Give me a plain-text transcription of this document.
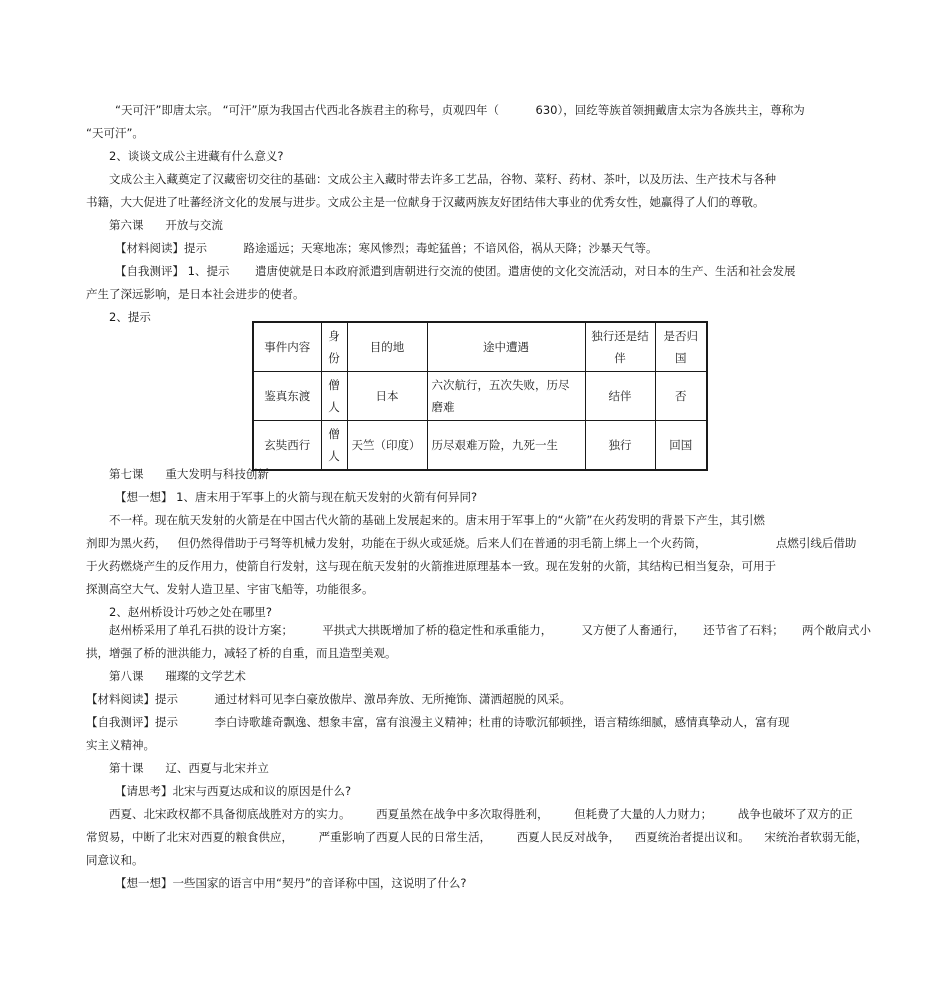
“天可汗”即唐太宗。 “可汗”原为我国古代西北各族君主的称号，贞观四年（          630），回纥等族首领拥戴唐太宗为各族共主，尊称为
“天可汗”。
2、谈谈文成公主进藏有什么意义?
文成公主入藏奠定了汉藏密切交往的基础：文成公主入藏时带去许多工艺品，谷物、菜籽、药材、茶叶，以及历法、生产技术与各种
书籍，大大促进了吐蕃经济文化的发展与进步。文成公主是一位献身于汉藏两族友好团结伟大事业的优秀女性，她赢得了人们的尊敬。
第六课      开放与交流
【材料阅读】提示          路途遥远；天寒地冻；寒风惨烈；毒蛇猛兽；不谙风俗，祸从天降；沙暴天气等。
【自我测评】 1、提示       遣唐使就是日本政府派遣到唐朝进行交流的使团。遣唐使的文化交流活动，对日本的生产、生活和社会发展
产生了深远影响，是日本社会进步的使者。
2、提示
第七课      重大发明与科技创新
【想一想】 1、唐末用于军事上的火箭与现在航天发射的火箭有何异同?
不一样。现在航天发射的火箭是在中国古代火箭的基础上发展起来的。唐末用于军事上的“火箭”在火药发明的背景下产生，其引燃
剂即为黑火药，   但仍然得借助于弓弩等机械力发射，功能在于纵火或延烧。后来人们在普通的羽毛箭上绑上一个火药筒，                   点燃引线后借助
于火药燃烧产生的反作用力，使箭自行发射，这与现在航天发射的火箭推进原理基本一致。现在发射的火箭，其结构已相当复杂，可用于
探测高空大气、发射人造卫星、宇宙飞船等，功能很多。
2、赵州桥设计巧妙之处在哪里?
赵州桥采用了单孔石拱的设计方案；        平拱式大拱既增加了桥的稳定性和承重能力，        又方便了人畜通行，     还节省了石料；     两个敞肩式小
拱，增强了桥的泄洪能力，减轻了桥的自重，而且造型美观。
第八课      璀璨的文学艺术
【材料阅读】提示          通过材料可见李白豪放傲岸、激昂奔放、无所掩饰、潇洒超脱的风采。
【自我测评】提示          李白诗歌雄奇飘逸、想象丰富，富有浪漫主义精神；杜甫的诗歌沉郁顿挫，语言精练细腻，感情真挚动人，富有现
实主义精神。
第十课      辽、西夏与北宋并立
【请思考】北宋与西夏达成和议的原因是什么?
西夏、北宋政权都不具备彻底战胜对方的实力。       西夏虽然在战争中多次取得胜利，       但耗费了大量的人力财力；       战争也破坏了双方的正
常贸易，中断了北宋对西夏的粮食供应，       严重影响了西夏人民的日常生活，       西夏人民反对战争，    西夏统治者提出议和。    宋统治者软弱无能，
同意议和。
【想一想】一些国家的语言中用“契丹”的音译称中国，这说明了什么?
事件内容	身份	目的地	途中遭遇	独行还是结伴	是否归国
鉴真东渡	僧人	日本	六次航行，五次失败，历尽磨难	结伴	否
玄奘西行	僧人	天竺（印度）	历尽艰难万险，九死一生	独行	回国
